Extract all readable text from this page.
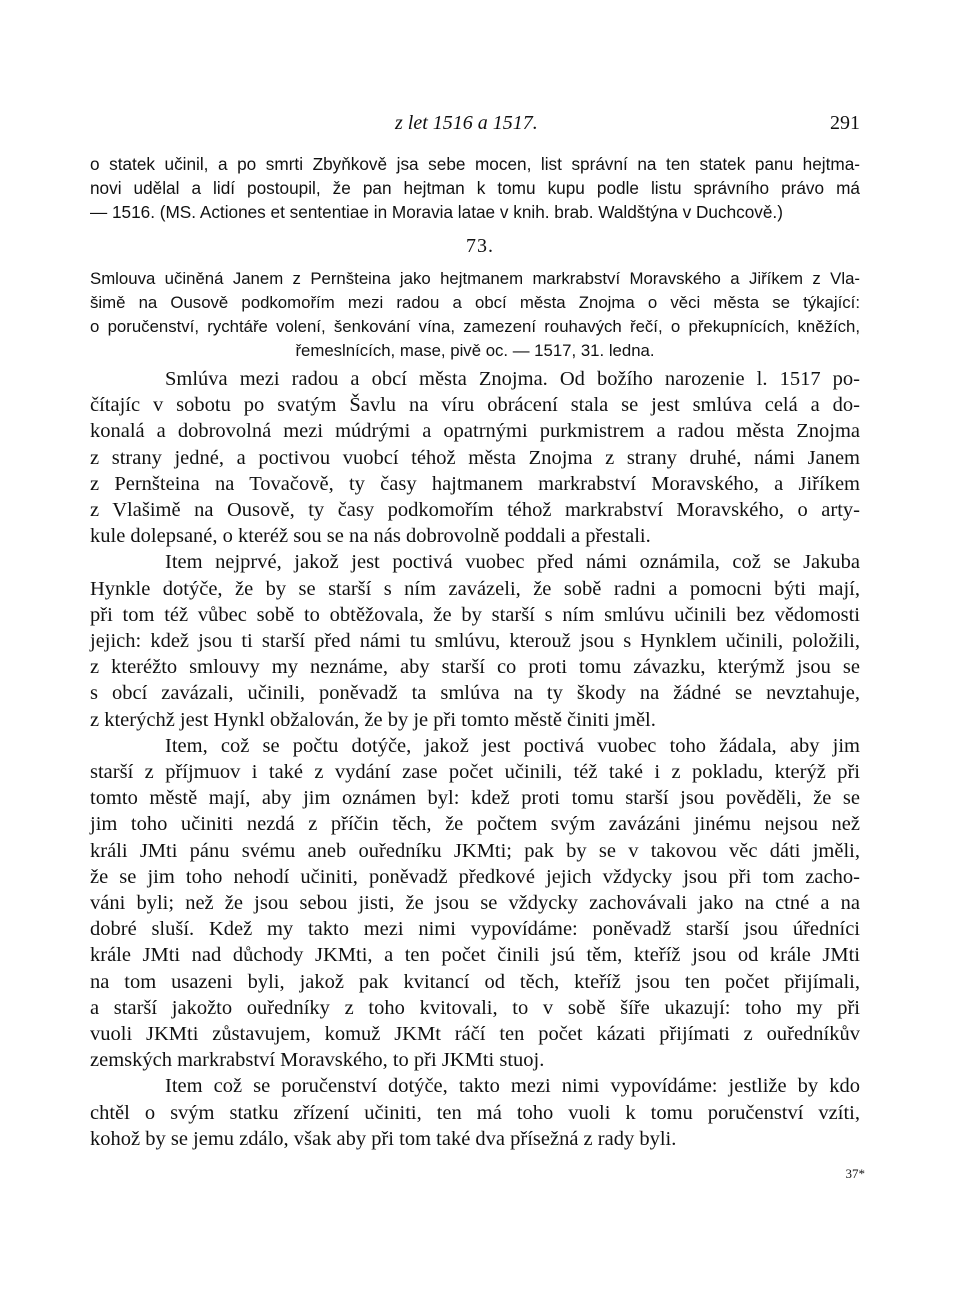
z let 1516 a 1517.	291
o statek učinil, a po smrti Zbyňkově jsa sebe mocen, list správní na ten statek panu hejtma-
novi udělal a lidí postoupil, že pan hejtman k tomu kupu podle listu správního právo má
— 1516. (MS. Actiones et sententiae in Moravia latae v knih. brab. Waldštýna v Duchcově.)
73.
Smlouva učiněná Janem z Pernšteina jako hejtmanem markrabství Moravského a Jiříkem z Vla-
šimě na Ousově podkomořím mezi radou a obcí města Znojma o věci města se týkající:
o poručenství, rychtáře volení, šenkování vína, zamezení rouhavých řečí, o překupnících, kněžích,
řemeslnících, mase, pivě oc. — 1517, 31. ledna.
Smlúva mezi radou a obcí města Znojma. Od božího narozenie l. 1517 po-
čítajíc v sobotu po svatým Šavlu na víru obrácení stala se jest smlúva celá a do-
konalá a dobrovolná mezi múdrými a opatrnými purkmistrem a radou města Znojma
z strany jedné, a poctivou vuobcí téhož města Znojma z strany druhé, námi Janem
z Pernšteina na Tovačově, ty časy hajtmanem markrabství Moravského, a Jiříkem
z Vlašimě na Ousově, ty časy podkomořím téhož markrabství Moravského, o arty-
kule dolepsané, o kteréž sou se na nás dobrovolně poddali a přestali.
Item nejprvé, jakož jest poctivá vuobec před námi oznámila, což se Jakuba
Hynkle dotýče, že by se starší s ním zavázeli, že sobě radni a pomocni býti mají,
při tom též vůbec sobě to obtěžovala, že by starší s ním smlúvu učinili bez vědomosti
jejich: kdež jsou ti starší před námi tu smlúvu, kterouž jsou s Hynklem učinili, položili,
z kteréžto smlouvy my neznáme, aby starší co proti tomu závazku, kterýmž jsou se
s obcí zavázali, učinili, poněvadž ta smlúva na ty škody na žádné se nevztahuje,
z kterýchž jest Hynkl obžalován, že by je při tomto městě činiti jměl.
Item, což se počtu dotýče, jakož jest poctivá vuobec toho žádala, aby jim
starší z příjmuov i také z vydání zase počet učinili, též také i z pokladu, kterýž při
tomto městě mají, aby jim oznámen byl: kdež proti tomu starší jsou pověděli, že se
jim toho učiniti nezdá z příčin těch, že počtem svým zavázáni jinému nejsou než
králi JMti pánu svému aneb ouředníku JKMti; pak by se v takovou věc dáti jměli,
že se jim toho nehodí učiniti, poněvadž předkové jejich vždycky jsou při tom zacho-
váni byli; než že jsou sebou jisti, že jsou se vždycky zachovávali jako na ctné a na
dobré sluší. Kdež my takto mezi nimi vypovídáme: poněvadž starší jsou úředníci
krále JMti nad důchody JKMti, a ten počet činili jsú těm, kteříž jsou od krále JMti
na tom usazeni byli, jakož pak kvitancí od těch, kteříž jsou ten počet přijímali,
a starší jakožto ouředníky z toho kvitovali, to v sobě šíře ukazují: toho my při
vuoli JKMti zůstavujem, komuž JKMt ráčí ten počet kázati přijímati z ouředníkův
zemských markrabství Moravského, to při JKMti stuoj.
Item což se poručenství dotýče, takto mezi nimi vypovídáme: jestliže by kdo
chtěl o svým statku zřízení učiniti, ten má toho vuoli k tomu poručenství vzíti,
kohož by se jemu zdálo, však aby při tom také dva přísežná z rady byli.
37*
